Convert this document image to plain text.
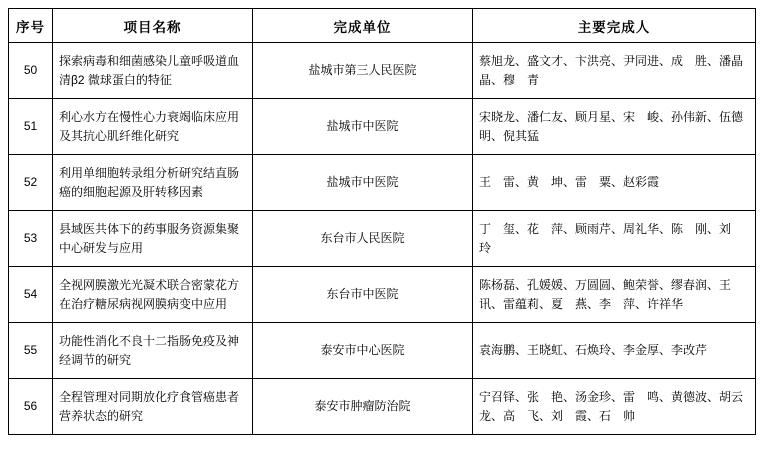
序号	项目名称	完成单位	主要完成人
50	探索病毒和细菌感染儿童呼吸道血清β2 微球蛋白的特征	盐城市第三人民医院	蔡旭龙、盛文才、卞洪亮、尹同进、成　胜、潘晶晶、穆　青
51	利心水方在慢性心力衰竭临床应用及其抗心肌纤维化研究	盐城市中医院	宋晓龙、潘仁友、顾月星、宋　峻、孙伟新、伍德明、倪其猛
52	利用单细胞转录组分析研究结直肠癌的细胞起源及肝转移因素	盐城市中医院	王　雷、黄　坤、雷　粟、赵彩霞
53	县域医共体下的药事服务资源集聚中心研发与应用	东台市人民医院	丁　玺、花　萍、顾雨芹、周礼华、陈　刚、刘　玲
54	全视网膜激光光凝术联合密蒙花方在治疗糖尿病视网膜病变中应用	东台市中医院	陈杨磊、孔媛媛、万圆圆、鲍荣誉、缪春润、王　讯、雷蕴莉、夏　燕、李　萍、许祥华
55	功能性消化不良十二指肠免疫及神经调节的研究	泰安市中心医院	袁海鹏、王晓虹、石焕玲、李金厚、李改芹
56	全程管理对同期放化疗食管癌患者营养状态的研究	泰安市肿瘤防治院	宁召铎、张　艳、汤金珍、雷　鸣、黄德波、胡云龙、高　飞、刘　霞、石　帅
